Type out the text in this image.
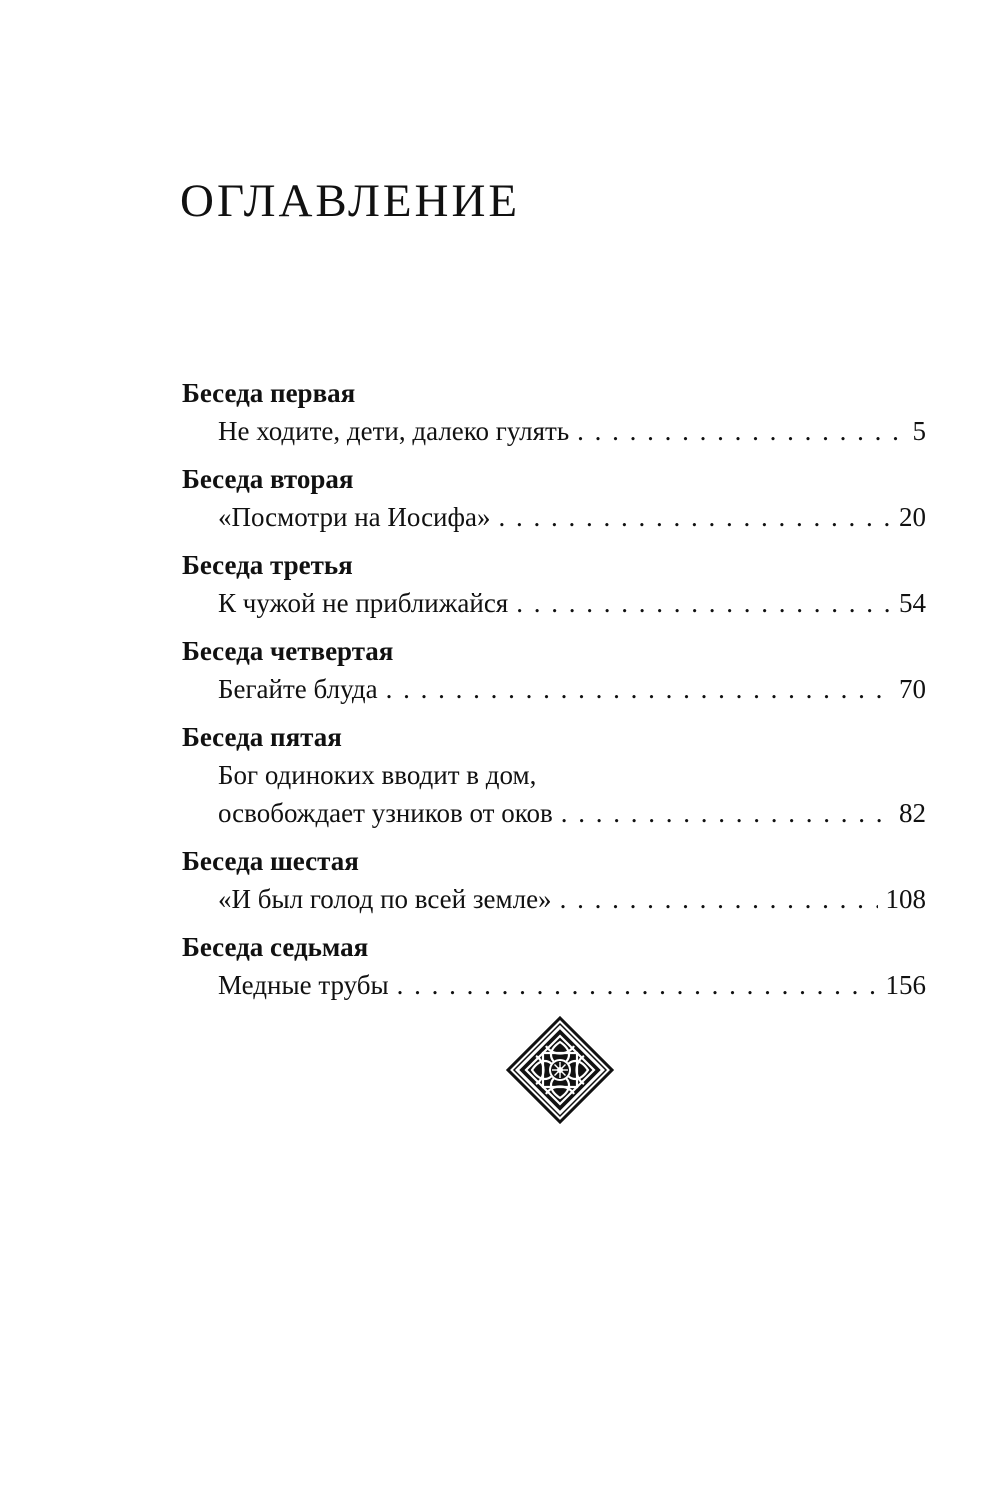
ОГЛАВЛЕНИЕ
Беседа первая
Не ходите, дети, далеко гулять . . .	5
Беседа вторая
«Посмотри на Иосифа» . . .	20
Беседа третья
К чужой не приближайся . . .	54
Беседа четвертая
Бегайте блуда . . .	70
Беседа пятая
Бог одиноких вводит в дом,
освобождает узников от оков . . .	82
Беседа шестая
«И был голод по всей земле» . . .	108
Беседа седьмая
Медные трубы . . .	156
